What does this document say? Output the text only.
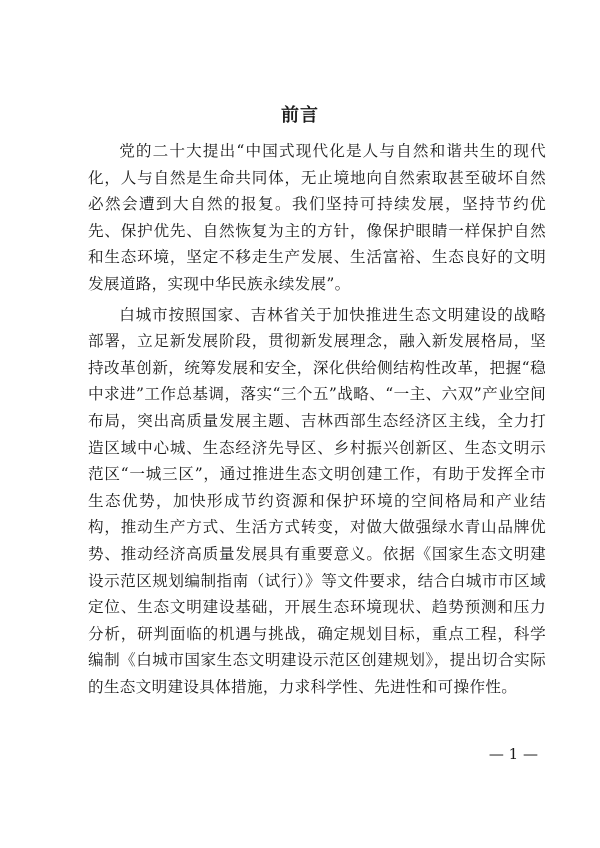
前言

党的二十大提出“中国式现代化是人与自然和谐共生的现代化，人与自然是生命共同体，无止境地向自然索取甚至破坏自然必然会遭到大自然的报复。我们坚持可持续发展，坚持节约优先、保护优先、自然恢复为主的方针，像保护眼睛一样保护自然和生态环境，坚定不移走生产发展、生活富裕、生态良好的文明发展道路，实现中华民族永续发展”。

白城市按照国家、吉林省关于加快推进生态文明建设的战略部署，立足新发展阶段，贯彻新发展理念，融入新发展格局，坚持改革创新，统筹发展和安全，深化供给侧结构性改革，把握“稳中求进”工作总基调，落实“三个五”战略、“一主、六双”产业空间布局，突出高质量发展主题、吉林西部生态经济区主线，全力打造区域中心城、生态经济先导区、乡村振兴创新区、生态文明示范区“一城三区”，通过推进生态文明创建工作，有助于发挥全市生态优势，加快形成节约资源和保护环境的空间格局和产业结构，推动生产方式、生活方式转变，对做大做强绿水青山品牌优势、推动经济高质量发展具有重要意义。依据《国家生态文明建设示范区规划编制指南（试行）》等文件要求，结合白城市市区域定位、生态文明建设基础，开展生态环境现状、趋势预测和压力分析，研判面临的机遇与挑战，确定规划目标，重点工程，科学编制《白城市国家生态文明建设示范区创建规划》，提出切合实际的生态文明建设具体措施，力求科学性、先进性和可操作性。

— 1 —
